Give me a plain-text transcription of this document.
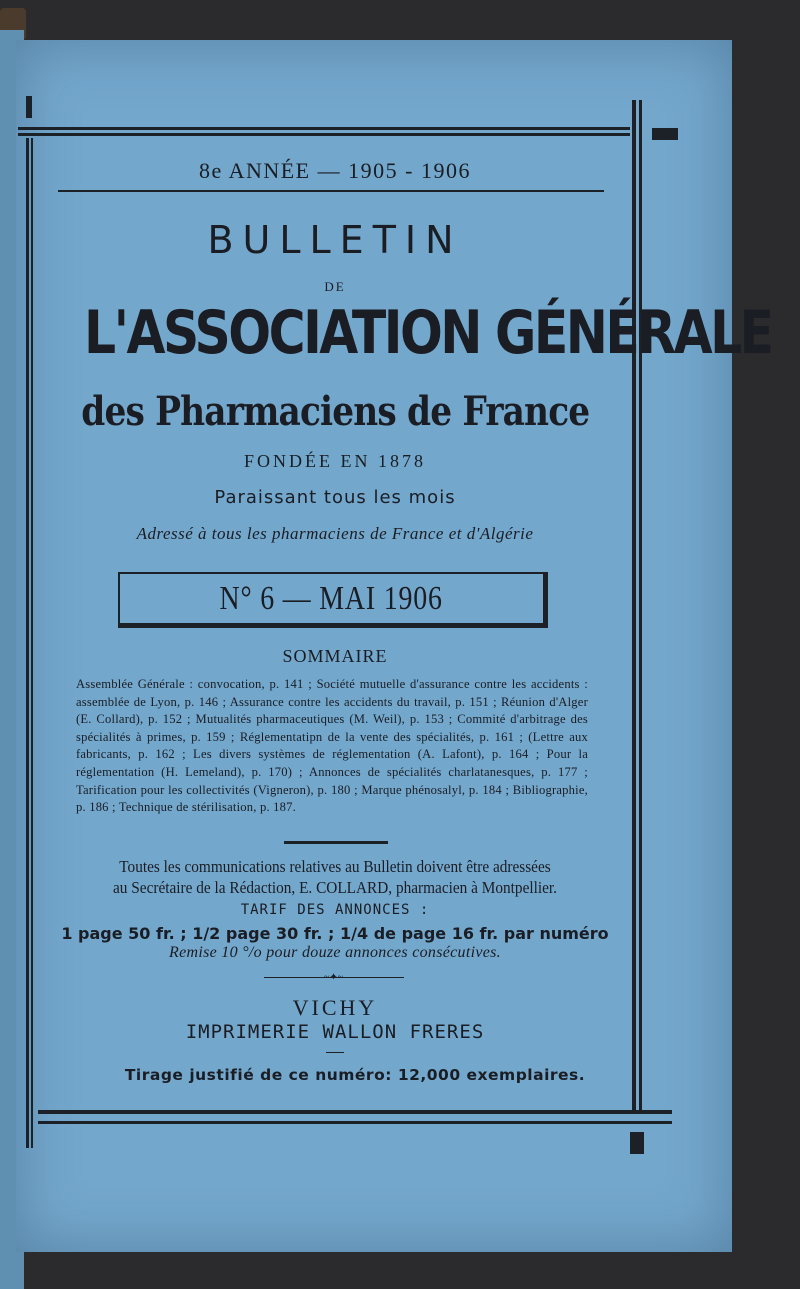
8e ANNÉE — 1905 - 1906
BULLETIN
DE
L'ASSOCIATION GÉNÉRALE
des Pharmaciens de France
FONDÉE EN 1878
Paraissant tous les mois
Adressé à tous les pharmaciens de France et d'Algérie
N° 6 — MAI 1906
SOMMAIRE
Assemblée Générale : convocation, p. 141 ; Société mutuelle d'assurance contre les accidents : assemblée de Lyon, p. 146 ; Assurance contre les accidents du travail, p. 151 ; Réunion d'Alger (E. Collard), p. 152 ; Mutualités pharmaceutiques (M. Weil), p. 153 ; Commité d'arbitrage des spécialités à primes, p. 159 ; Réglementatipn de la vente des spécialités, p. 161 ; (Lettre aux fabricants, p. 162 ; Les divers systèmes de réglementation (A. Lafont), p. 164 ; Pour la réglementation (H. Lemeland), p. 170) ; Annonces de spécialités charlatanesques, p. 177 ; Tarification pour les collectivités (Vigneron), p. 180 ; Marque phénosalyl, p. 184 ; Bibliographie, p. 186 ; Technique de stérilisation, p. 187.
Toutes les communications relatives au Bulletin doivent être adressées
au Secrétaire de la Rédaction, E. COLLARD, pharmacien à Montpellier.
TARIF DES ANNONCES :
1 page 50 fr. ; 1/2 page 30 fr. ; 1/4 de page 16 fr. par numéro
Remise 10 °/o pour douze annonces consécutives.
~✦~
VICHY
IMPRIMERIE WALLON FRERES
Tirage justifié de ce numéro: 12,000 exemplaires.
